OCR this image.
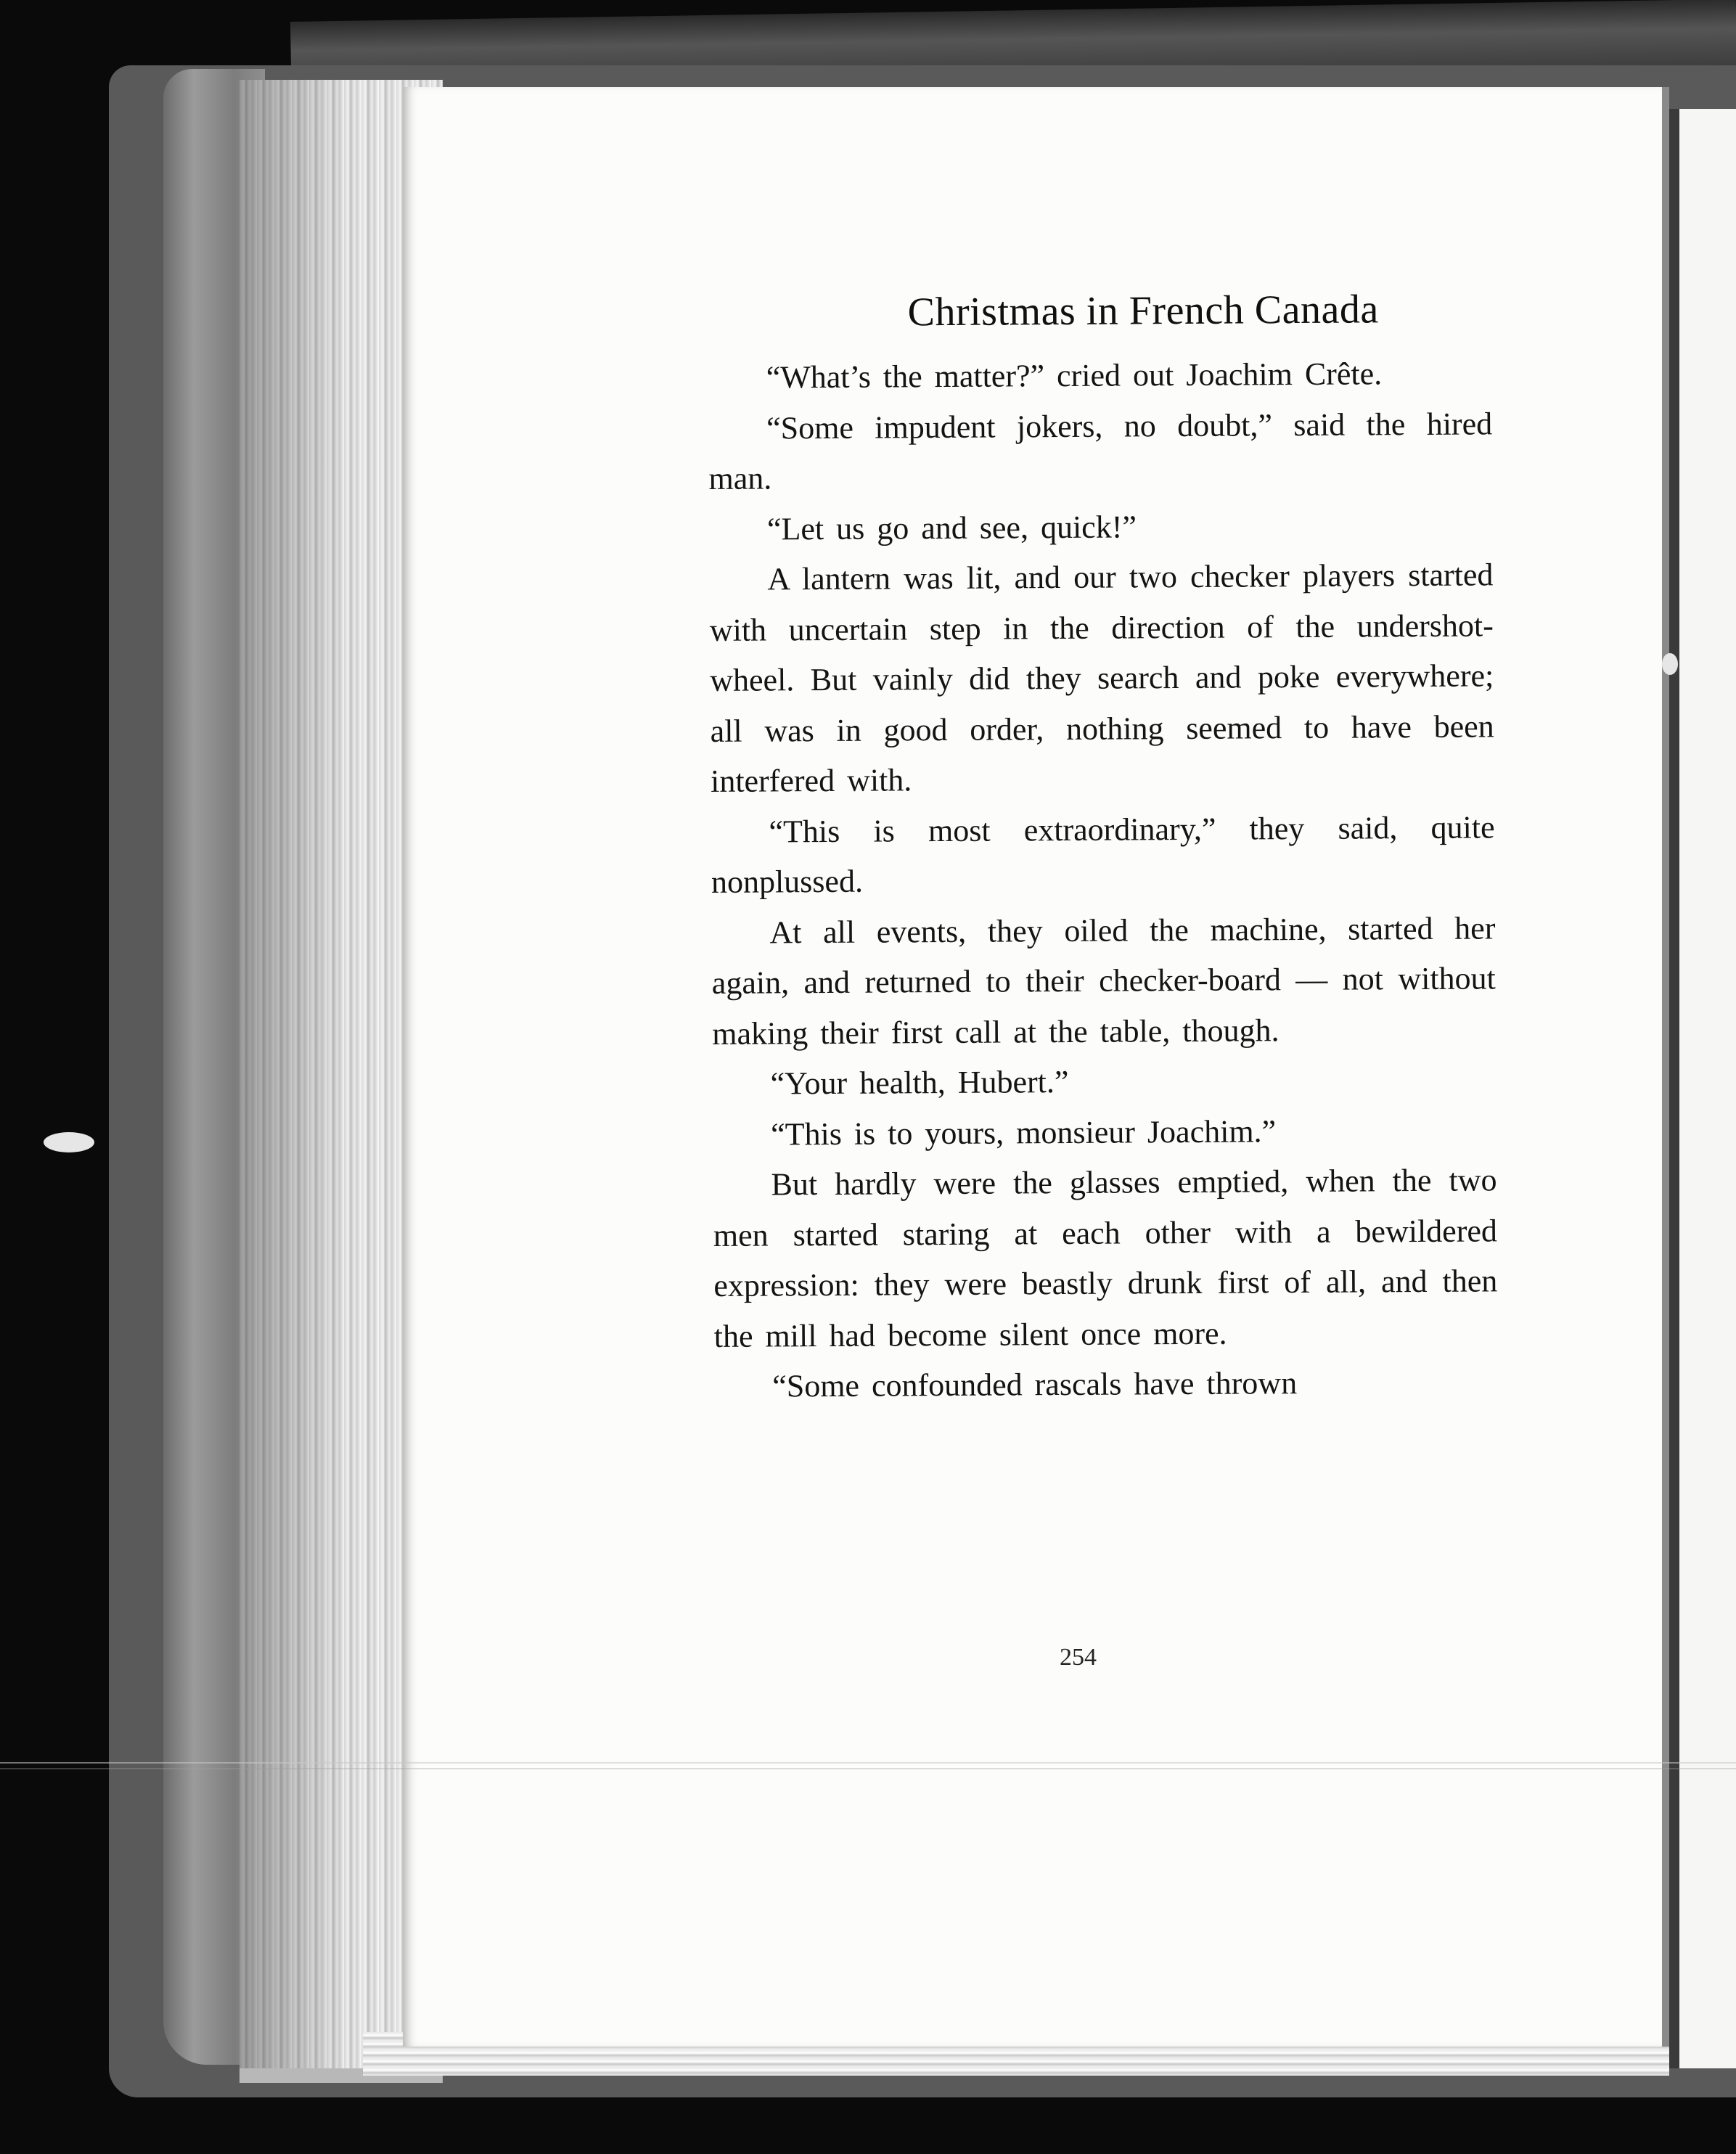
Christmas in French Canada

“What’s the matter?” cried out Joachim Crête.

“Some impudent jokers, no doubt,” said the hired man.

“Let us go and see, quick!”

A lantern was lit, and our two checker players started with uncertain step in the direction of the undershot-wheel. But vainly did they search and poke everywhere; all was in good order, nothing seemed to have been interfered with.

“This is most extraordinary,” they said, quite nonplussed.

At all events, they oiled the machine, started her again, and returned to their checker-board — not without making their first call at the table, though.

“Your health, Hubert.”

“This is to yours, monsieur Joachim.”

But hardly were the glasses emptied, when the two men started staring at each other with a bewildered expression: they were beastly drunk first of all, and then the mill had become silent once more.

“Some confounded rascals have thrown

254
